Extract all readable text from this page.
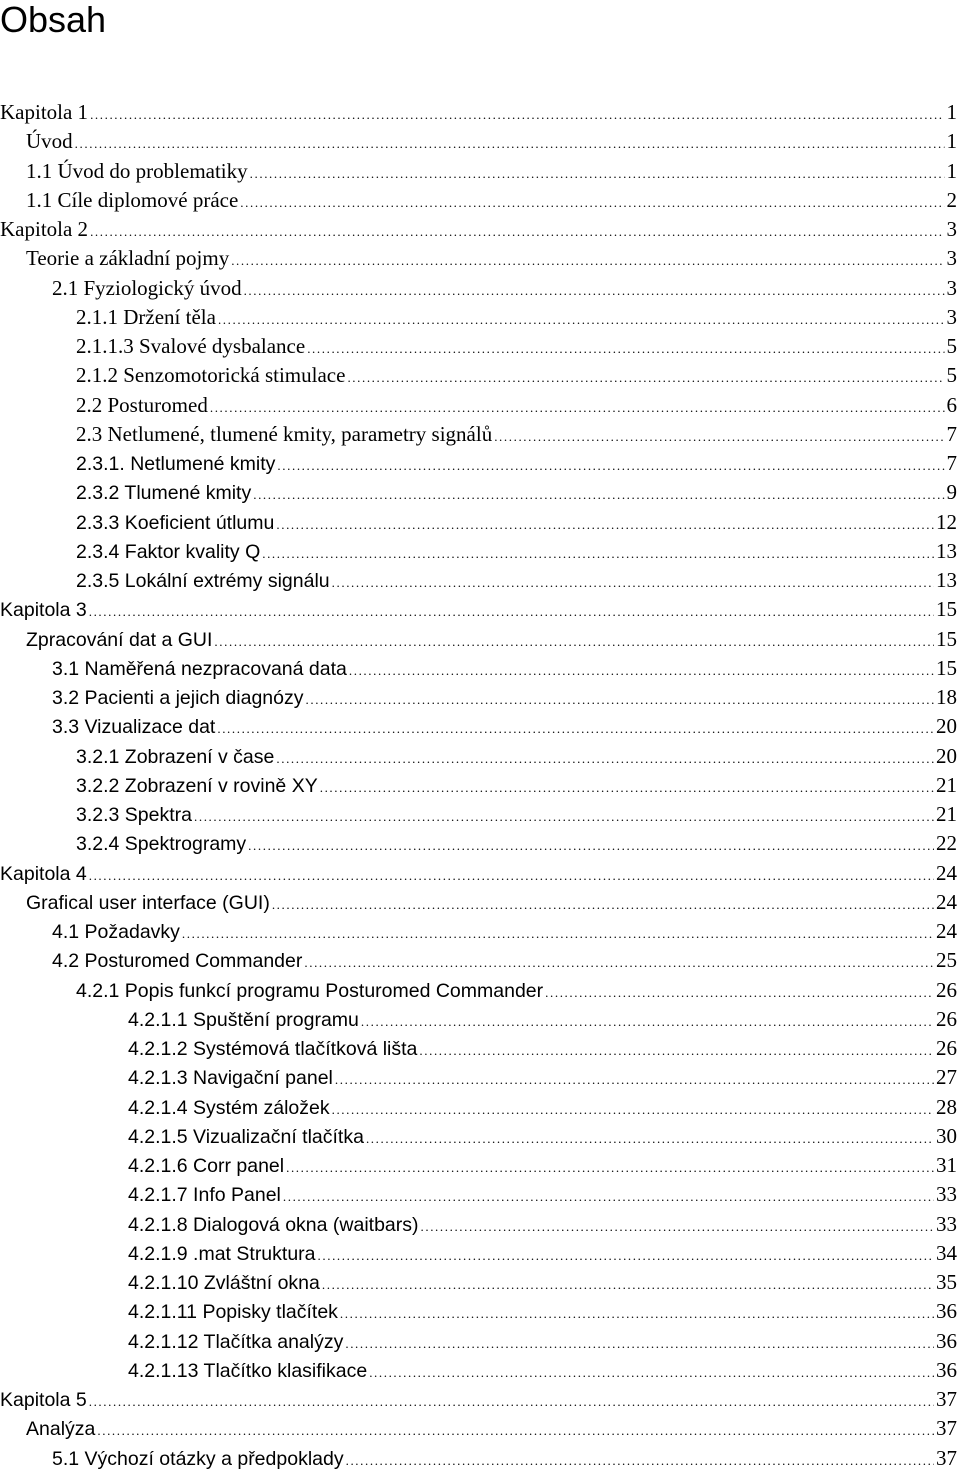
Obsah
Kapitola 1 .....	1
Úvod .....	1
1.1 Úvod do problematiky .....	1
1.1 Cíle diplomové práce .....	2
Kapitola 2 .....	3
Teorie a základní pojmy .....	3
2.1 Fyziologický úvod .....	3
2.1.1 Držení těla .....	3
2.1.1.3 Svalové dysbalance .....	5
2.1.2 Senzomotorická stimulace .....	5
2.2 Posturomed .....	6
2.3 Netlumené, tlumené kmity, parametry signálů .....	7
2.3.1. Netlumené kmity .....	7
2.3.2 Tlumené kmity .....	9
2.3.3 Koeficient útlumu .....	12
2.3.4 Faktor kvality Q .....	13
2.3.5 Lokální extrémy signálu .....	13
Kapitola 3 .....	15
Zpracování dat a GUI .....	15
3.1 Naměřená nezpracovaná data .....	15
3.2 Pacienti a jejich diagnózy .....	18
3.3 Vizualizace dat .....	20
3.2.1 Zobrazení v čase .....	20
3.2.2 Zobrazení v rovině XY .....	21
3.2.3 Spektra .....	21
3.2.4 Spektrogramy .....	22
Kapitola 4 .....	24
Grafical user interface (GUI) .....	24
4.1 Požadavky .....	24
4.2 Posturomed Commander .....	25
4.2.1 Popis funkcí programu Posturomed Commander .....	26
4.2.1.1 Spuštění programu .....	26
4.2.1.2 Systémová tlačítková lišta .....	26
4.2.1.3 Navigační panel .....	27
4.2.1.4 Systém záložek .....	28
4.2.1.5 Vizualizační tlačítka .....	30
4.2.1.6 Corr panel .....	31
4.2.1.7 Info Panel .....	33
4.2.1.8 Dialogová okna (waitbars) .....	33
4.2.1.9 .mat Struktura .....	34
4.2.1.10 Zvláštní okna .....	35
4.2.1.11 Popisky tlačítek .....	36
4.2.1.12 Tlačítka analýzy .....	36
4.2.1.13 Tlačítko klasifikace .....	36
Kapitola 5 .....	37
Analýza .....	37
5.1 Výchozí otázky a předpoklady .....	37
